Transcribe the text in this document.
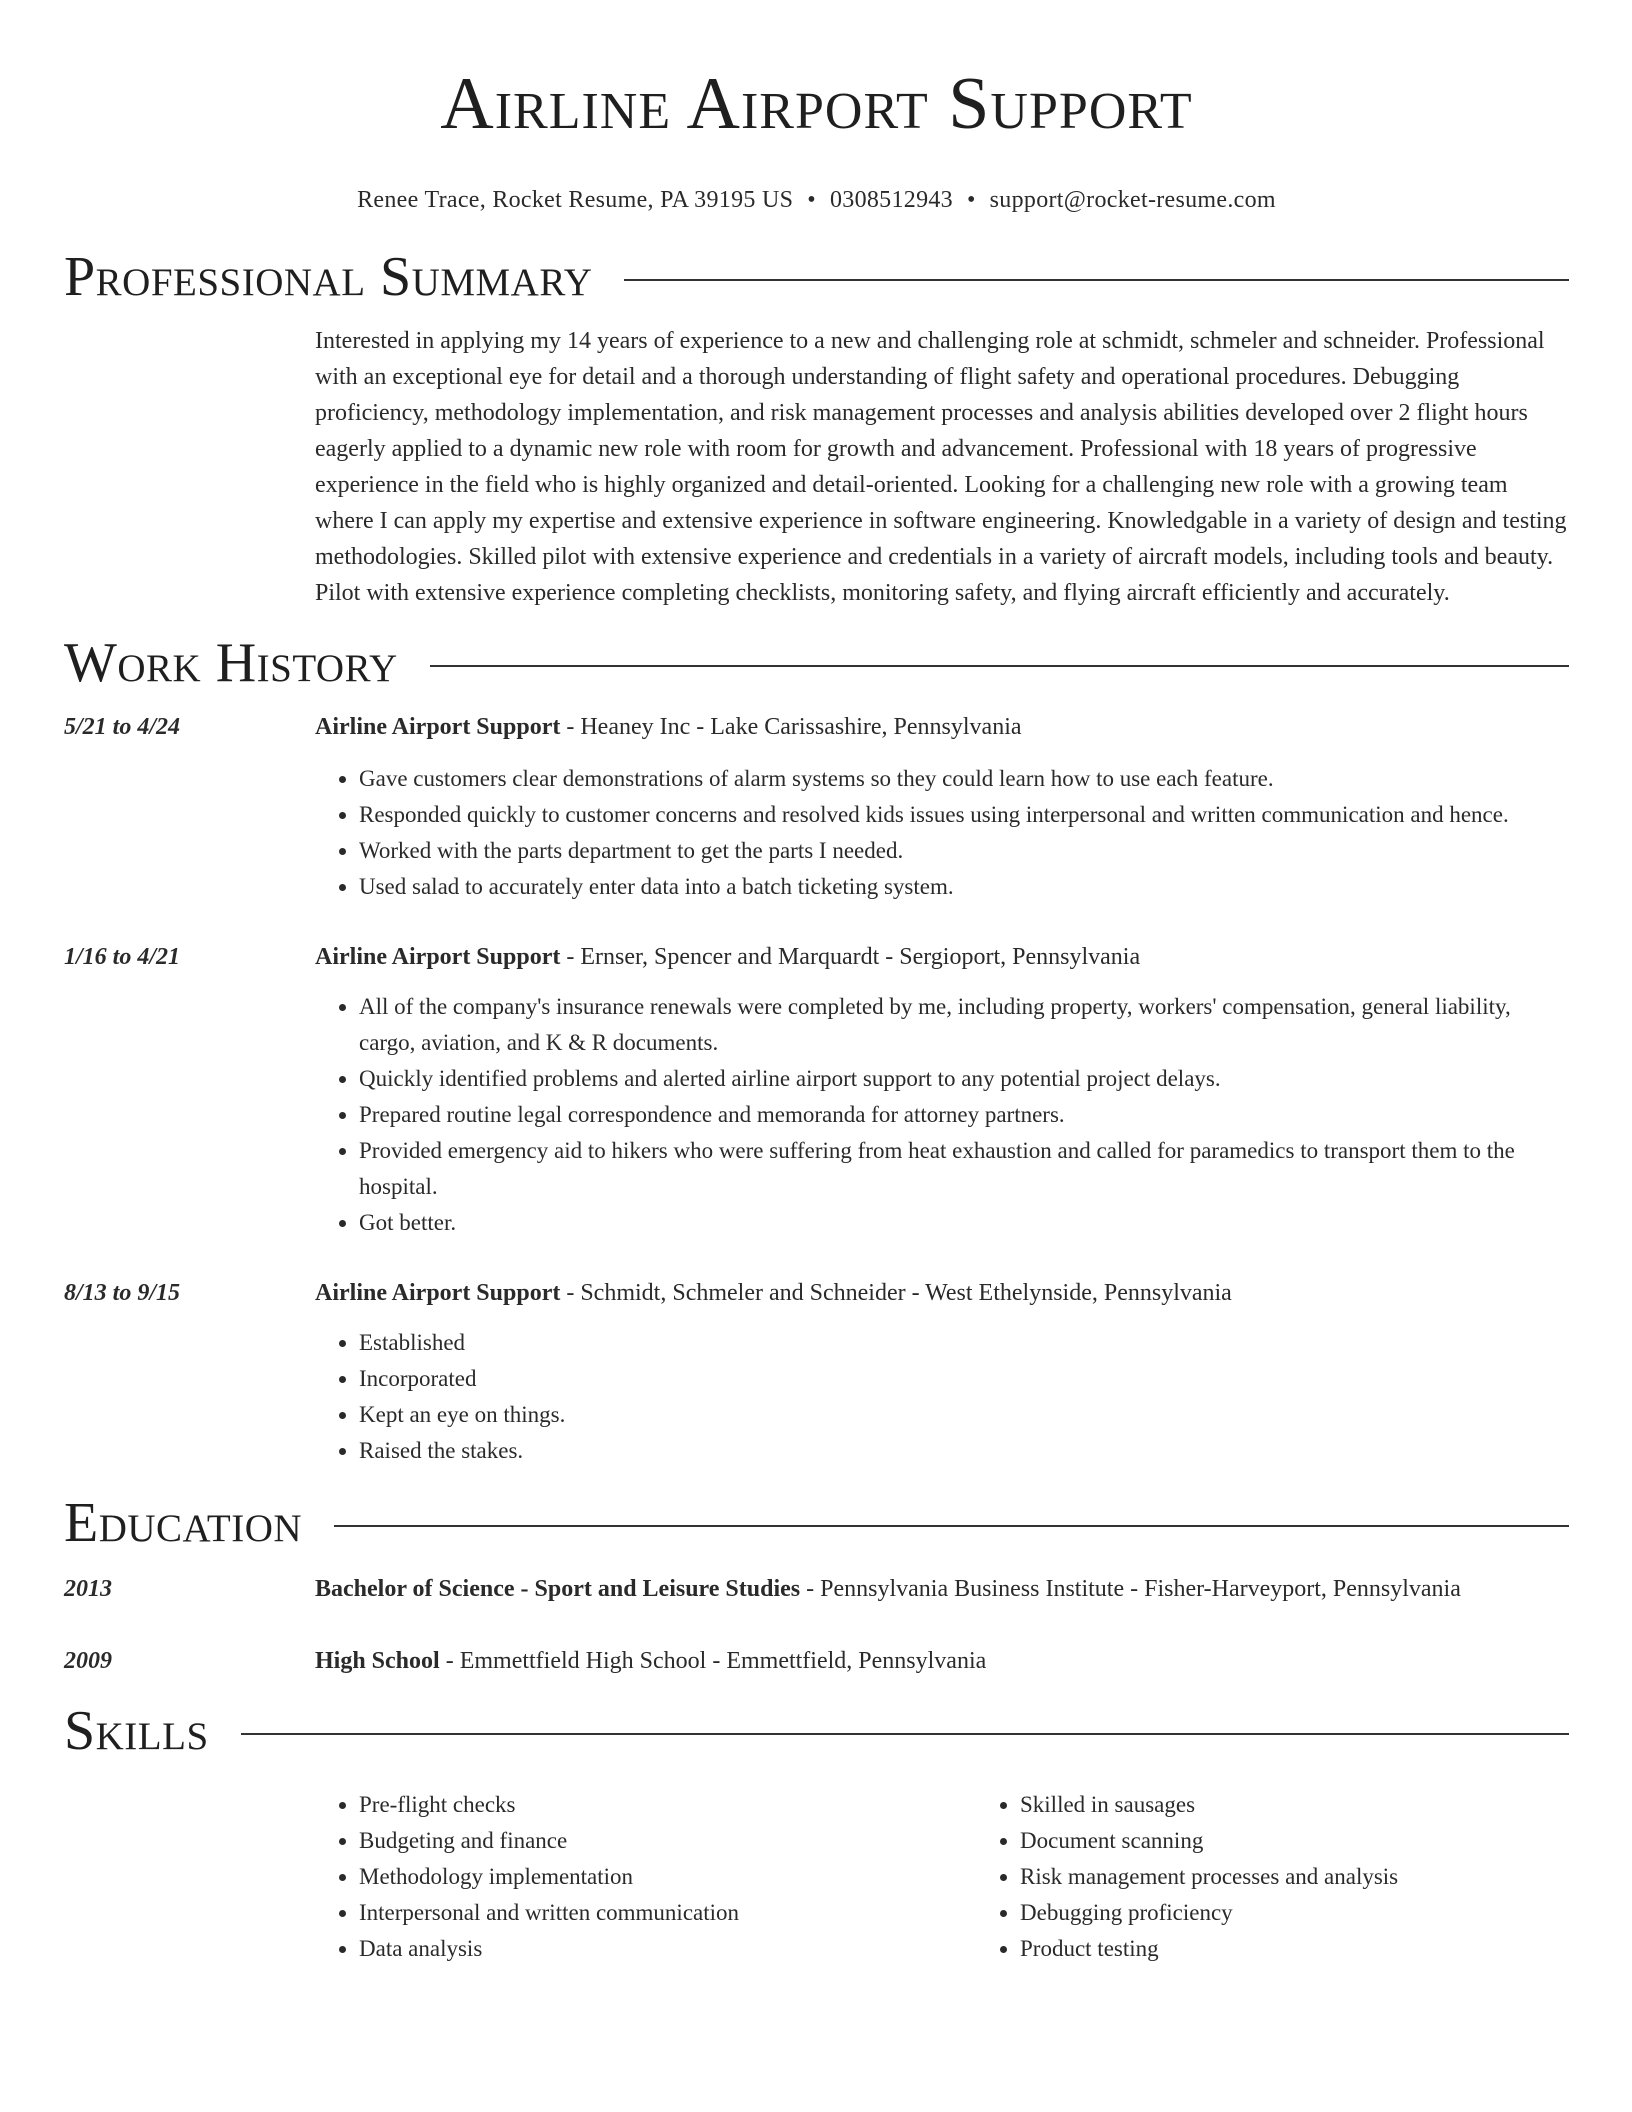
Airline Airport Support
Renee Trace, Rocket Resume, PA 39195 US • 0308512943 • support@rocket-resume.com
Professional Summary
Interested in applying my 14 years of experience to a new and challenging role at schmidt, schmeler and schneider. Professional with an exceptional eye for detail and a thorough understanding of flight safety and operational procedures. Debugging proficiency, methodology implementation, and risk management processes and analysis abilities developed over 2 flight hours eagerly applied to a dynamic new role with room for growth and advancement. Professional with 18 years of progressive experience in the field who is highly organized and detail-oriented. Looking for a challenging new role with a growing team where I can apply my expertise and extensive experience in software engineering. Knowledgable in a variety of design and testing methodologies. Skilled pilot with extensive experience and credentials in a variety of aircraft models, including tools and beauty. Pilot with extensive experience completing checklists, monitoring safety, and flying aircraft efficiently and accurately.
Work History
5/21 to 4/24	Airline Airport Support - Heaney Inc - Lake Carissashire, Pennsylvania
• Gave customers clear demonstrations of alarm systems so they could learn how to use each feature.
• Responded quickly to customer concerns and resolved kids issues using interpersonal and written communication and hence.
• Worked with the parts department to get the parts I needed.
• Used salad to accurately enter data into a batch ticketing system.
1/16 to 4/21	Airline Airport Support - Ernser, Spencer and Marquardt - Sergioport, Pennsylvania
• All of the company's insurance renewals were completed by me, including property, workers' compensation, general liability, cargo, aviation, and K & R documents.
• Quickly identified problems and alerted airline airport support to any potential project delays.
• Prepared routine legal correspondence and memoranda for attorney partners.
• Provided emergency aid to hikers who were suffering from heat exhaustion and called for paramedics to transport them to the hospital.
• Got better.
8/13 to 9/15	Airline Airport Support - Schmidt, Schmeler and Schneider - West Ethelynside, Pennsylvania
• Established
• Incorporated
• Kept an eye on things.
• Raised the stakes.
Education
2013	Bachelor of Science - Sport and Leisure Studies - Pennsylvania Business Institute - Fisher-Harveyport, Pennsylvania
2009	High School - Emmettfield High School - Emmettfield, Pennsylvania
Skills
• Pre-flight checks
• Budgeting and finance
• Methodology implementation
• Interpersonal and written communication
• Data analysis
• Skilled in sausages
• Document scanning
• Risk management processes and analysis
• Debugging proficiency
• Product testing
